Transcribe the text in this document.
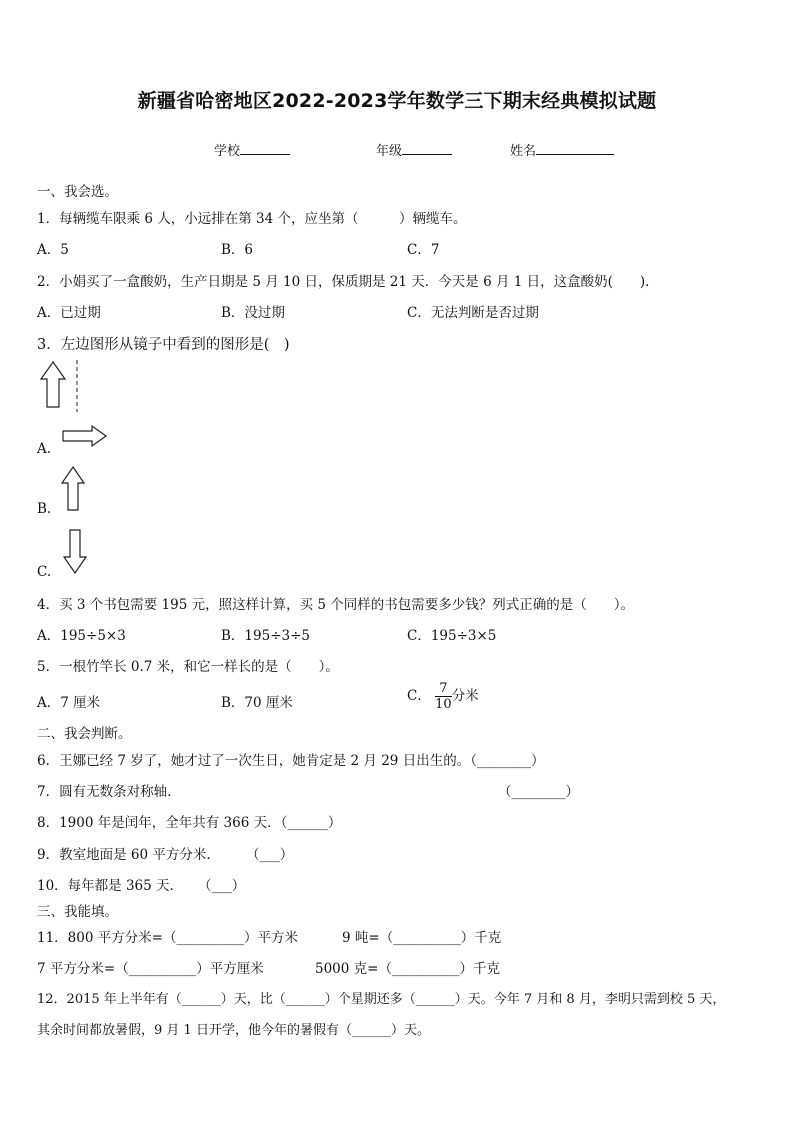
新疆省哈密地区2022-2023学年数学三下期末经典模拟试题
学校	年级	姓名
一、我会选。
1．每辆缆车限乘 6 人，小远排在第 34 个，应坐第（　　　）辆缆车。
A．5	B．6	C．7
2．小娟买了一盒酸奶，生产日期是 5 月 10 日，保质期是 21 天．今天是 6 月 1 日，这盒酸奶(　　).
A．已过期	B．没过期	C．无法判断是否过期
3．左边图形从镜子中看到的图形是(　)
A.
B.
C.
4．买 3 个书包需要 195 元，照这样计算，买 5 个同样的书包需要多少钱？列式正确的是（　　）。
A．195÷5×3	B．195÷3÷5	C．195÷3×5
5．一根竹竿长 0.7 米，和它一样长的是（　　）。
A．7 厘米	B．70 厘米	C． $\frac{7}{10}$ 分米
二、我会判断。
6．王娜已经 7 岁了，她才过了一次生日，她肯定是 2 月 29 日出生的。（________）
7．圆有无数条对称轴.	（________）
8．1900 年是闰年，全年共有 366 天．（______）
9．教室地面是 60 平方分米.	（___）
10．每年都是 365 天. （___）
三、我能填。
11．800 平方分米=（__________）平方米	9 吨=（__________）千克
7 平方分米=（__________）平方厘米	5000 克=（__________）千克
12．2015 年上半年有（______）天，比（______）个星期还多（______）天。今年 7 月和 8 月，李明只需到校 5 天，
其余时间都放暑假，9 月 1 日开学，他今年的暑假有（______）天。
